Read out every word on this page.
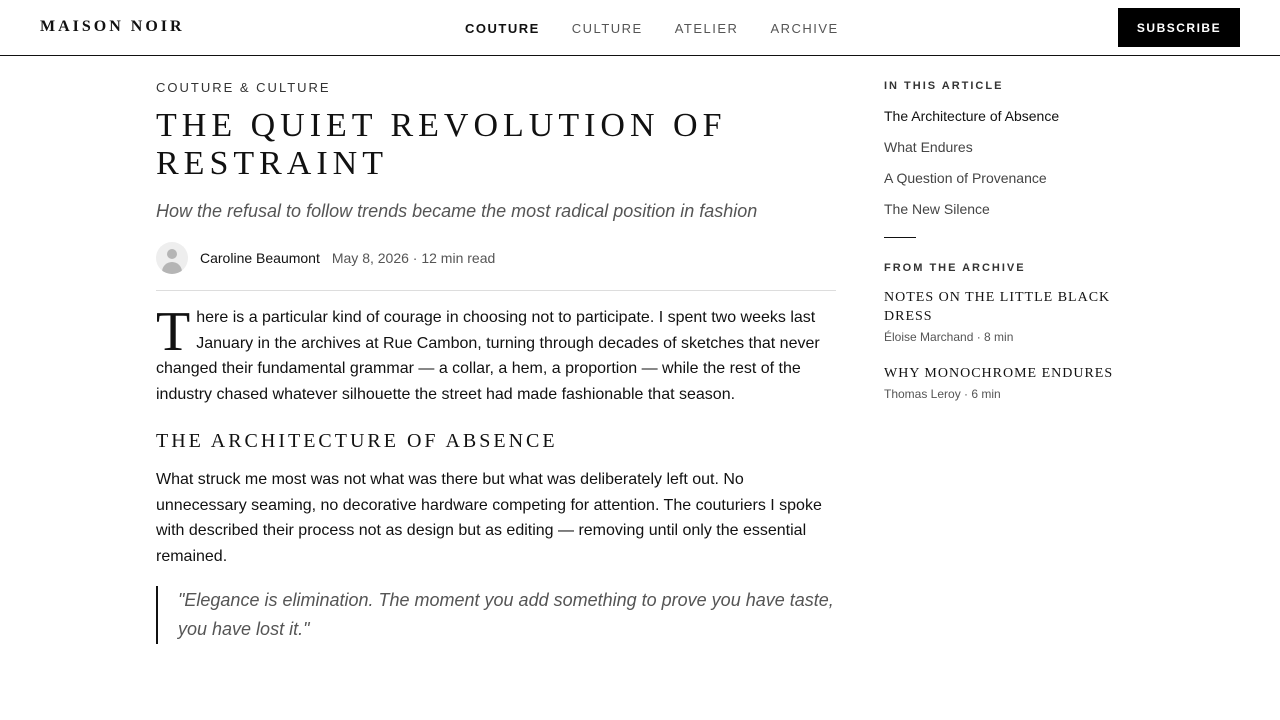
MAISON NOIR	COUTURE CULTURE ATELIER ARCHIVE	SUBSCRIBE
COUTURE & CULTURE
THE QUIET REVOLUTION OF RESTRAINT

How the refusal to follow trends became the most radical position in fashion

Caroline Beaumont May 8, 2026 · 12 min read

T here is a particular kind of courage in choosing not to participate. I spent two weeks last January in the archives at Rue Cambon, turning through decades of sketches that never changed their fundamental grammar — a collar, a hem, a proportion — while the rest of the industry chased whatever silhouette the street had made fashionable that season.

THE ARCHITECTURE OF ABSENCE

What struck me most was not what was there but what was deliberately left out. No unnecessary seaming, no decorative hardware competing for attention. The couturiers I spoke with described their process not as design but as editing — removing until only the essential remained.

"Elegance is elimination. The moment you add something to prove you have taste, you have lost it."
IN THIS ARTICLE
The Architecture of Absence
What Endures
A Question of Provenance
The New Silence
FROM THE ARCHIVE
NOTES ON THE LITTLE BLACK DRESS
Éloise Marchand · 8 min
WHY MONOCHROME ENDURES
Thomas Leroy · 6 min
